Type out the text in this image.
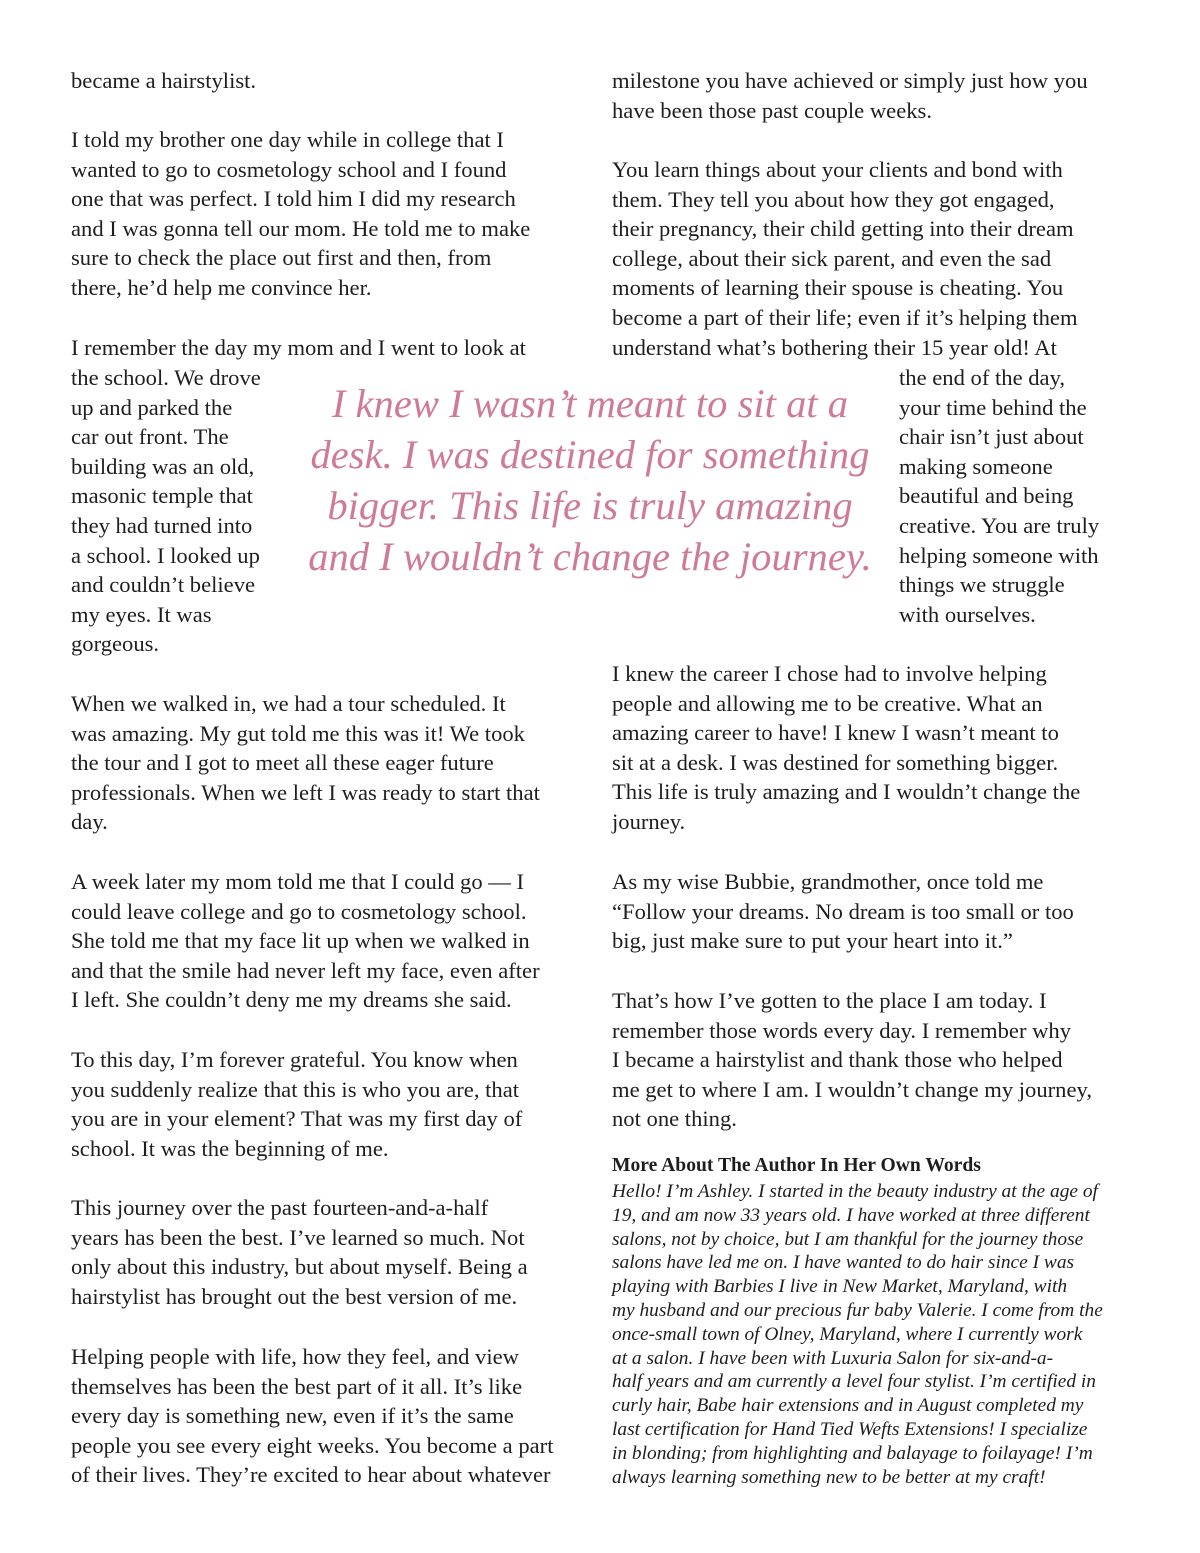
became a hairstylist.

I told my brother one day while in college that I
wanted to go to cosmetology school and I found
one that was perfect. I told him I did my research
and I was gonna tell our mom. He told me to make
sure to check the place out first and then, from
there, he’d help me convince her.

I remember the day my mom and I went to look at

the school. We drove
up and parked the
car out front. The
building was an old,
masonic temple that
they had turned into
a school. I looked up
and couldn’t believe
my eyes. It was
gorgeous.

When we walked in, we had a tour scheduled. It
was amazing. My gut told me this was it! We took
the tour and I got to meet all these eager future
professionals. When we left I was ready to start that
day.

A week later my mom told me that I could go — I
could leave college and go to cosmetology school.
She told me that my face lit up when we walked in
and that the smile had never left my face, even after
I left. She couldn’t deny me my dreams she said.

To this day, I’m forever grateful. You know when
you suddenly realize that this is who you are, that
you are in your element? That was my first day of
school. It was the beginning of me.

This journey over the past fourteen-and-a-half
years has been the best. I’ve learned so much. Not
only about this industry, but about myself. Being a
hairstylist has brought out the best version of me.

Helping people with life, how they feel, and view
themselves has been the best part of it all. It’s like
every day is something new, even if it’s the same
people you see every eight weeks. You become a part
of their lives. They’re excited to hear about whatever

milestone you have achieved or simply just how you
have been those past couple weeks.

You learn things about your clients and bond with
them. They tell you about how they got engaged,
their pregnancy, their child getting into their dream
college, about their sick parent, and even the sad
moments of learning their spouse is cheating. You
become a part of their life; even if it’s helping them
understand what’s bothering their 15 year old! At

the end of the day,
your time behind the
chair isn’t just about
making someone
beautiful and being
creative. You are truly
helping someone with
things we struggle
with ourselves.

I knew the career I chose had to involve helping
people and allowing me to be creative. What an
amazing career to have! I knew I wasn’t meant to
sit at a desk. I was destined for something bigger.
This life is truly amazing and I wouldn’t change the
journey.

As my wise Bubbie, grandmother, once told me
“Follow your dreams. No dream is too small or too
big, just make sure to put your heart into it.”

That’s how I’ve gotten to the place I am today. I
remember those words every day. I remember why
I became a hairstylist and thank those who helped
me get to where I am. I wouldn’t change my journey,
not one thing.

I knew I wasn’t meant to sit at a
desk. I was destined for something
bigger. This life is truly amazing
and I wouldn’t change the journey.
More About The Author In Her Own Words

Hello! I’m Ashley. I started in the beauty industry at the age of
19, and am now 33 years old. I have worked at three different
salons, not by choice, but I am thankful for the journey those
salons have led me on. I have wanted to do hair since I was
playing with Barbies I live in New Market, Maryland, with
my husband and our precious fur baby Valerie. I come from the
once-small town of Olney, Maryland, where I currently work
at a salon. I have been with Luxuria Salon for six-and-a-
half years and am currently a level four stylist. I’m certified in
curly hair, Babe hair extensions and in August completed my
last certification for Hand Tied Wefts Extensions! I specialize
in blonding; from highlighting and balayage to foilayage! I’m
always learning something new to be better at my craft!
